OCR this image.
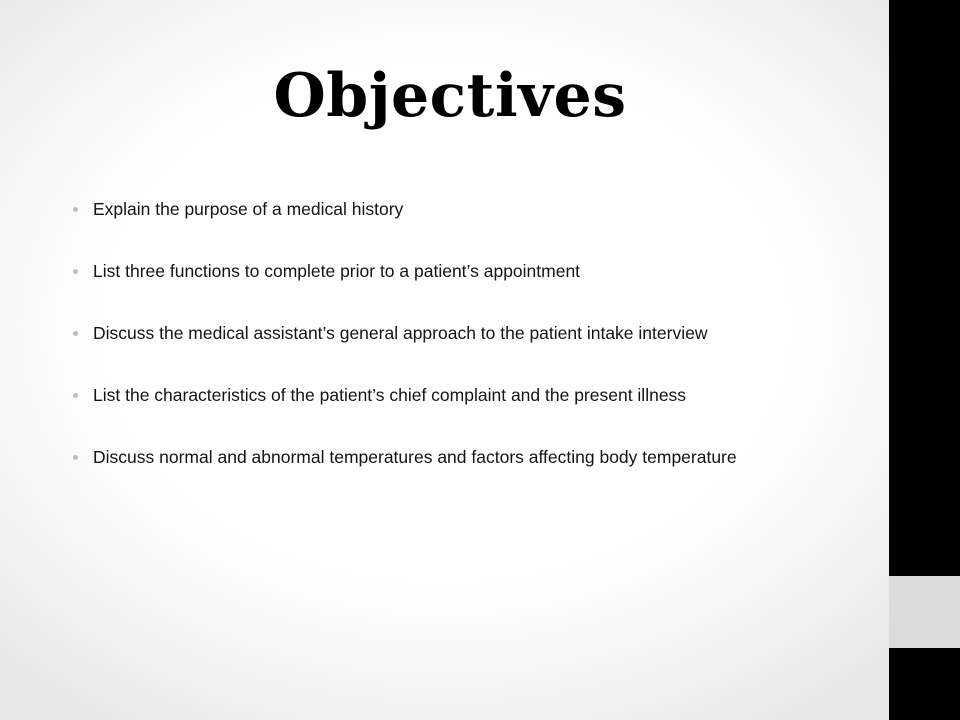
Objectives
Explain the purpose of a medical history
List three functions to complete prior to a patient’s appointment
Discuss the medical assistant’s general approach to the patient intake interview
List the characteristics of the patient’s chief complaint and the present illness
Discuss normal and abnormal temperatures and factors affecting body temperature
